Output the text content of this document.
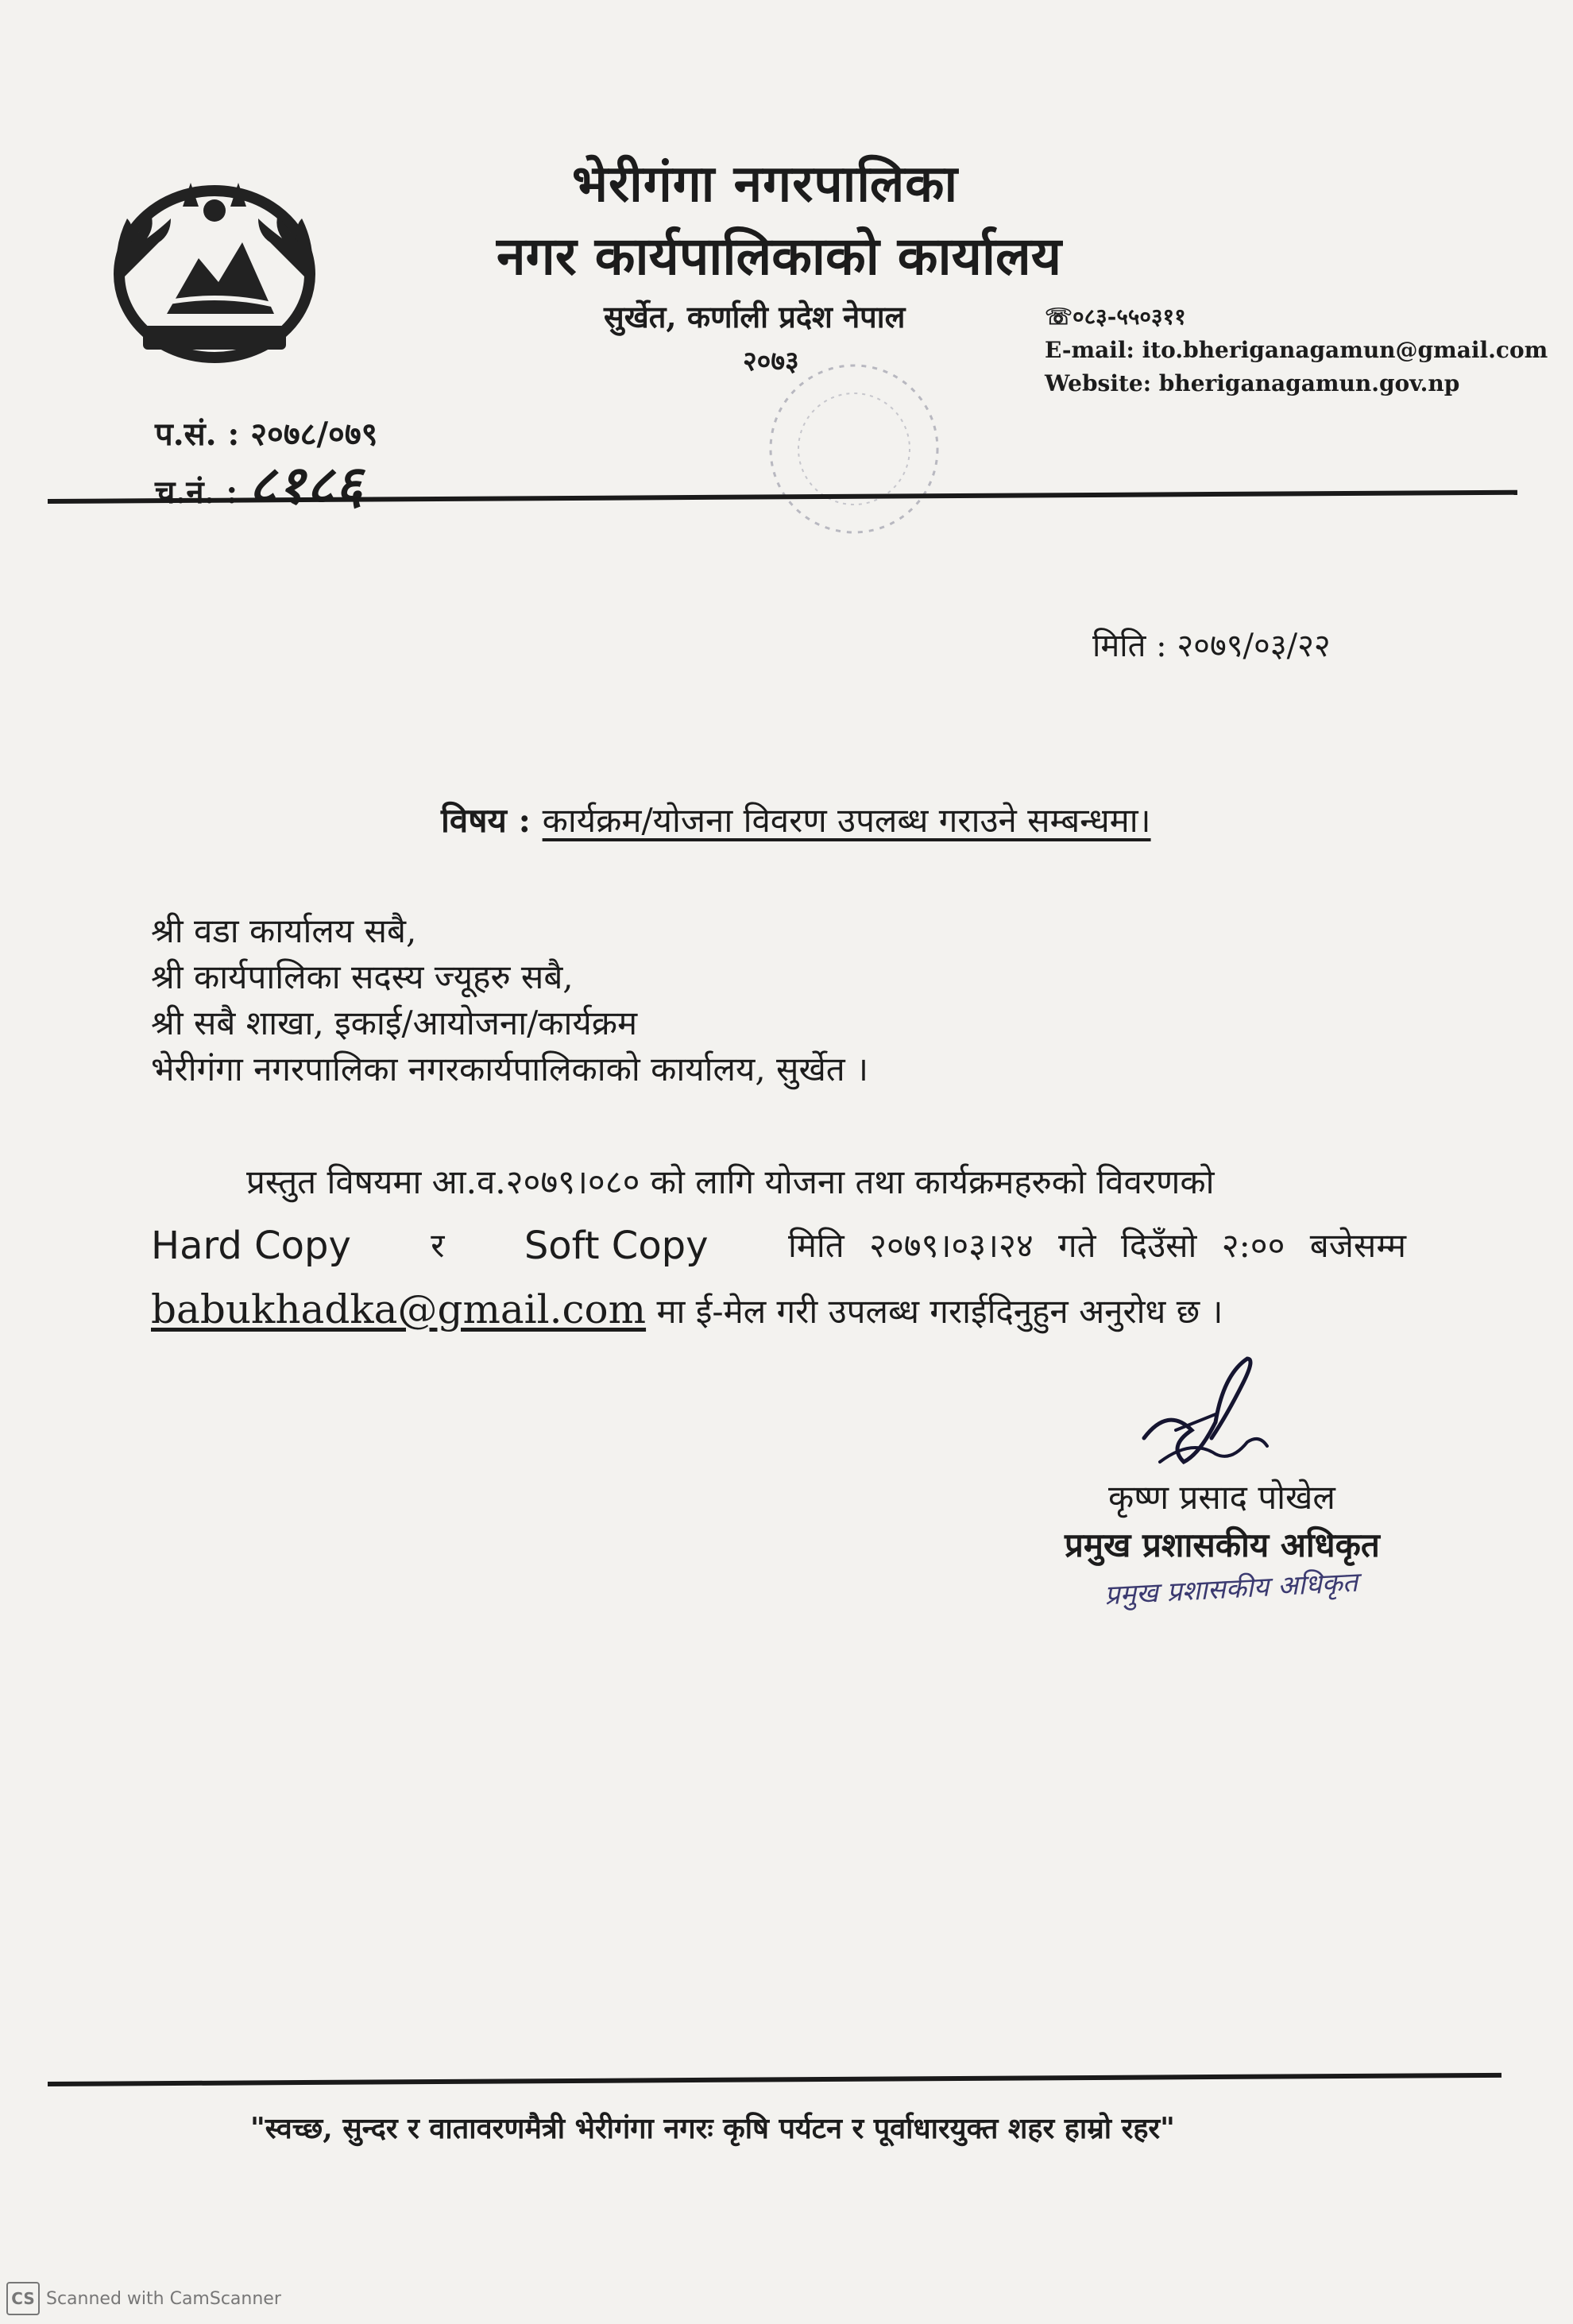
भेरीगंगा नगरपालिका
नगर कार्यपालिकाको कार्यालय
सुर्खेत, कर्णाली प्रदेश नेपाल
२०७३
☏०८३-५५०३११
E-mail: ito.bheriganagamun@gmail.com
Website: bheriganagamun.gov.np
प.सं. : २०७८/०७९
च.नं. : ८१८६
मिति : २०७९/०३/२२
विषय : कार्यक्रम/योजना विवरण उपलब्ध गराउने सम्बन्धमा।
श्री वडा कार्यालय सबै,
श्री कार्यपालिका सदस्य ज्यूहरु सबै,
श्री सबै शाखा, इकाई/आयोजना/कार्यक्रम
भेरीगंगा नगरपालिका नगरकार्यपालिकाको कार्यालय, सुर्खेत ।
प्रस्तुत विषयमा आ.व.२०७९।०८० को लागि योजना तथा कार्यक्रमहरुको विवरणको
Hard Copy र Soft Copy मिति २०७९।०३।२४ गते दिउँसो २:०० बजेसम्म
babukhadka@gmail.com मा ई-मेल गरी उपलब्ध गराईदिनुहुन अनुरोध छ ।
कृष्ण प्रसाद पोखेल
प्रमुख प्रशासकीय अधिकृत
प्रमुख प्रशासकीय अधिकृत
"स्वच्छ, सुन्दर र वातावरणमैत्री भेरीगंगा नगरः कृषि पर्यटन र पूर्वाधारयुक्त शहर हाम्रो रहर"
CS Scanned with CamScanner
